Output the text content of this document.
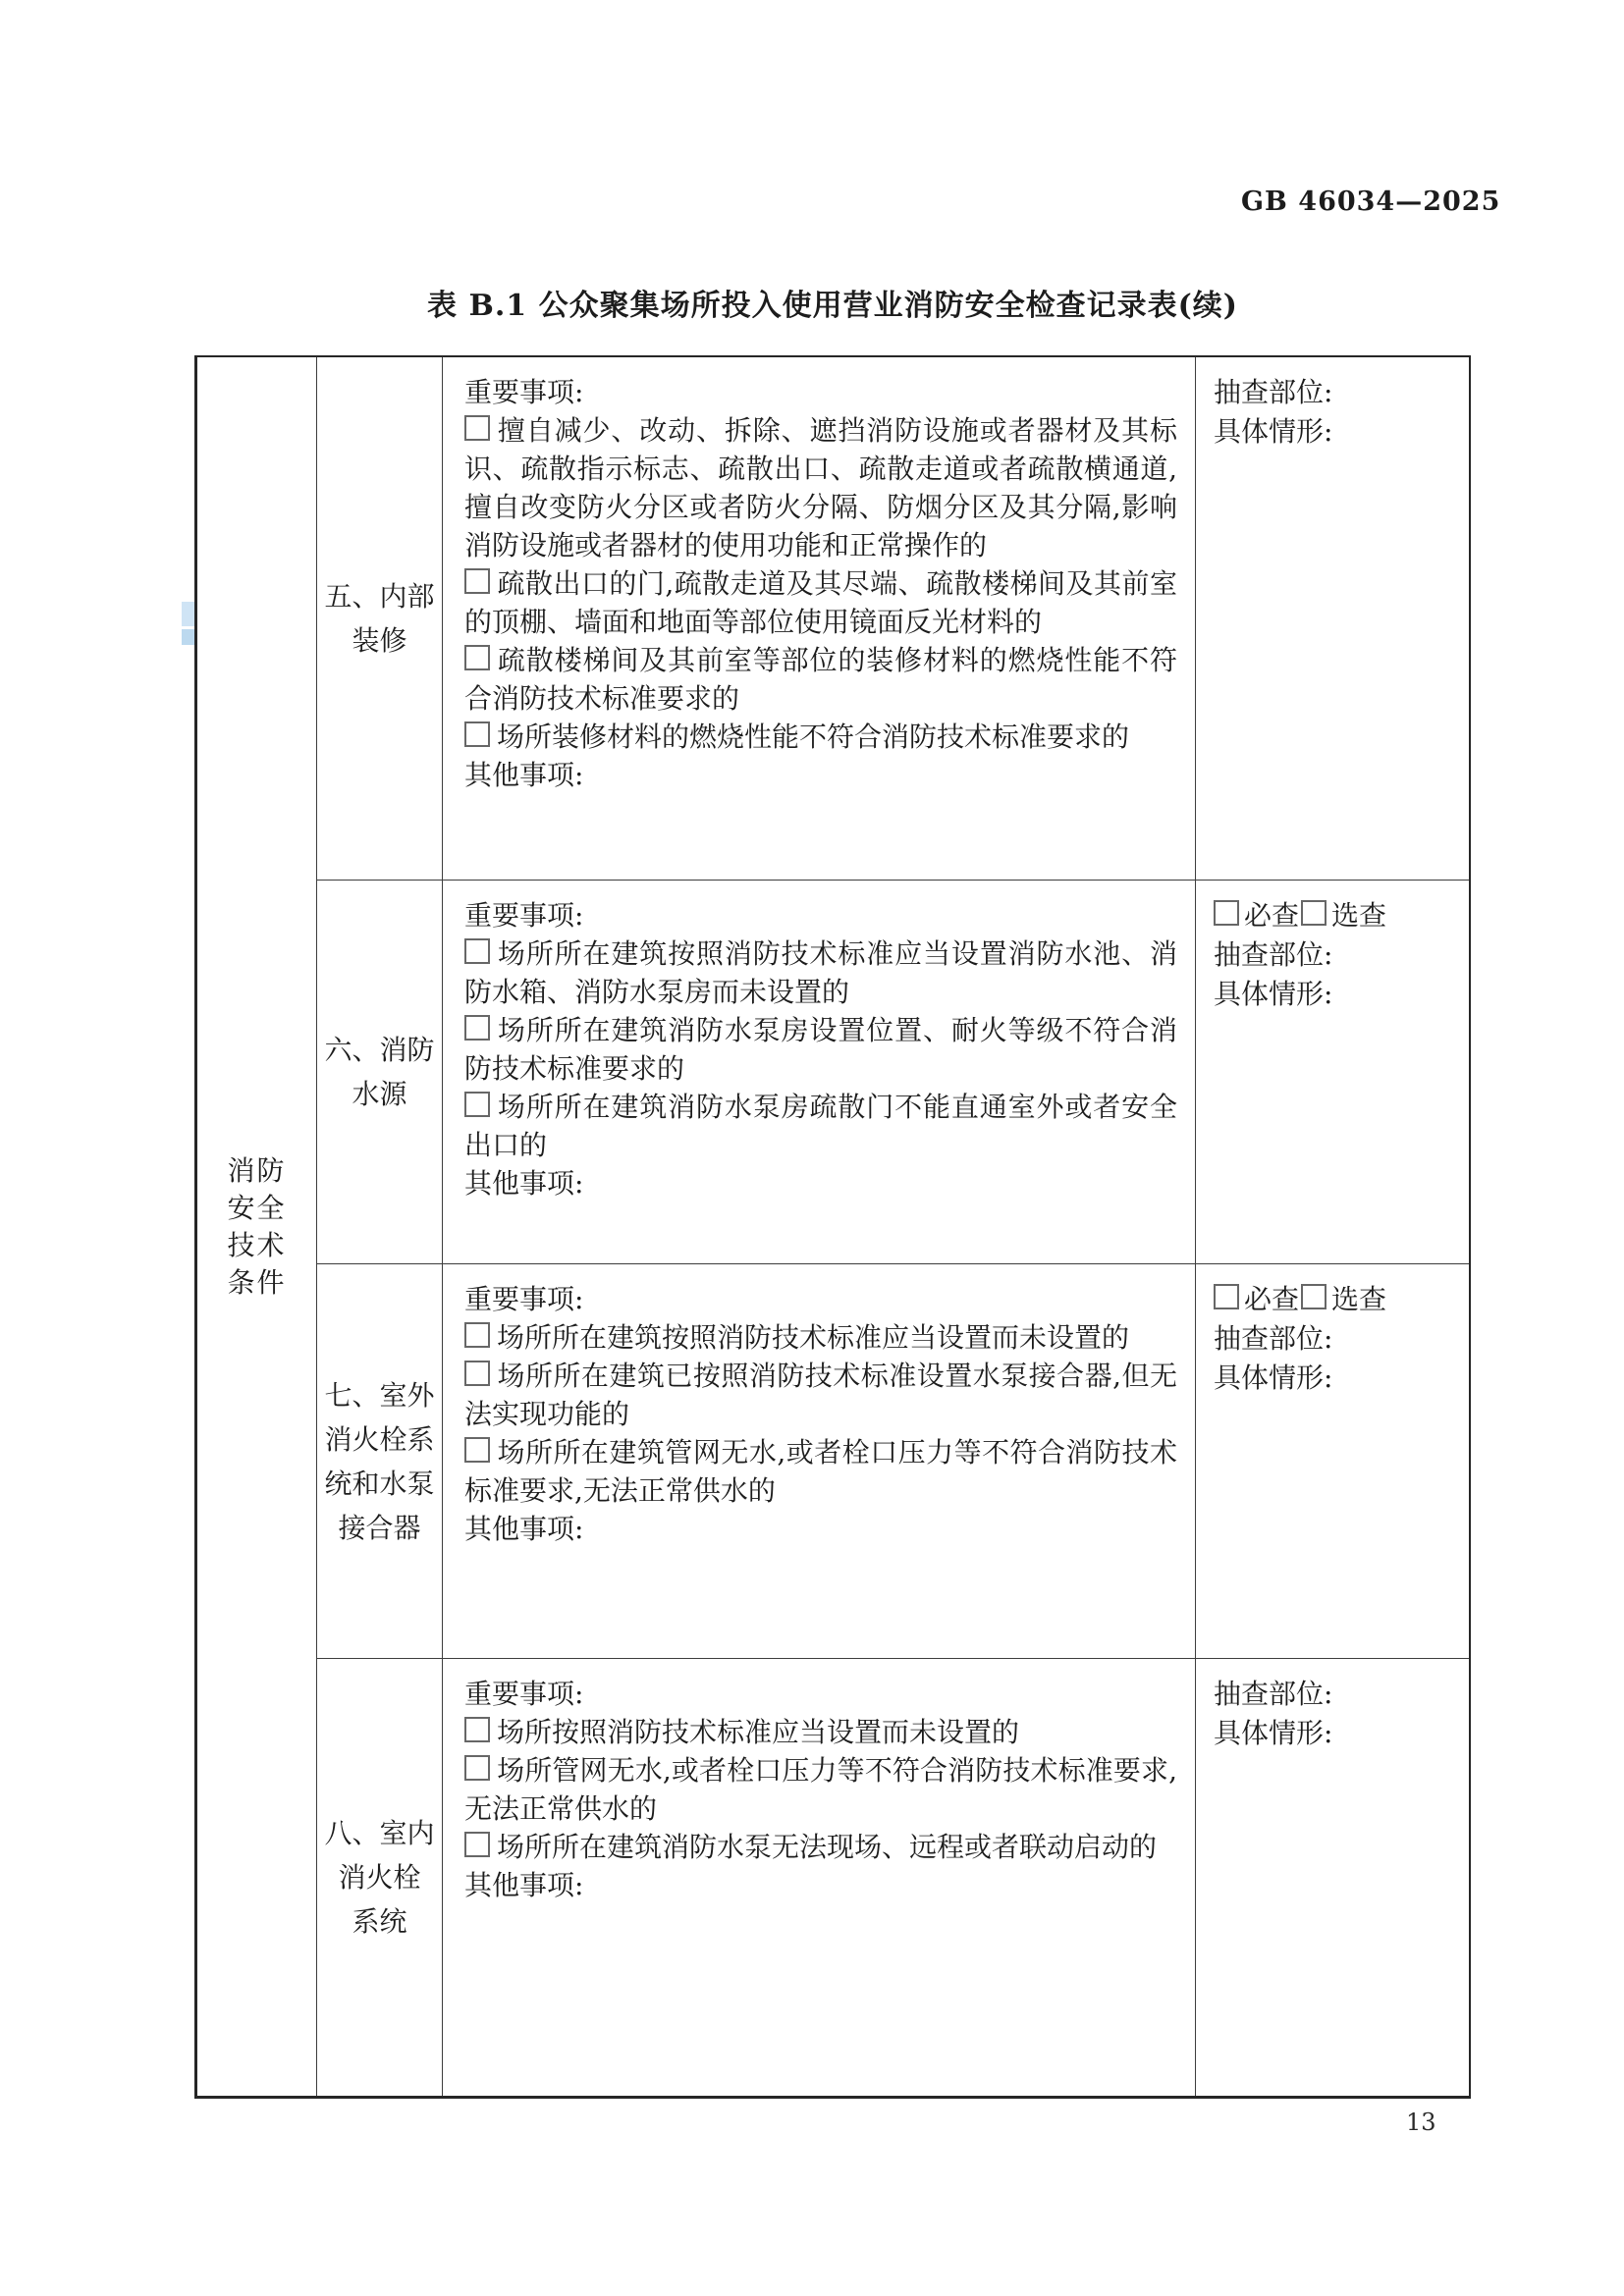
GB 46034—2025
表 B.1 公众聚集场所投入使用营业消防安全检查记录表(续)
消防
安全
技术
条件
五、内部
装修
重要事项:
擅自减少、改动、拆除、遮挡消防设施或者器材及其标识、疏散指示标志、疏散出口、疏散走道或者疏散横通道,擅自改变防火分区或者防火分隔、防烟分区及其分隔,影响消防设施或者器材的使用功能和正常操作的
疏散出口的门,疏散走道及其尽端、疏散楼梯间及其前室的顶棚、墙面和地面等部位使用镜面反光材料的
疏散楼梯间及其前室等部位的装修材料的燃烧性能不符合消防技术标准要求的
场所装修材料的燃烧性能不符合消防技术标准要求的
其他事项:
抽查部位:
具体情形:
六、消防
水源
重要事项:
场所所在建筑按照消防技术标准应当设置消防水池、消防水箱、消防水泵房而未设置的
场所所在建筑消防水泵房设置位置、耐火等级不符合消防技术标准要求的
场所所在建筑消防水泵房疏散门不能直通室外或者安全出口的
其他事项:
必查 选查
抽查部位:
具体情形:
七、室外
消火栓系
统和水泵
接合器
重要事项:
场所所在建筑按照消防技术标准应当设置而未设置的
场所所在建筑已按照消防技术标准设置水泵接合器,但无法实现功能的
场所所在建筑管网无水,或者栓口压力等不符合消防技术标准要求,无法正常供水的
其他事项:
必查 选查
抽查部位:
具体情形:
八、室内
消火栓
系统
重要事项:
场所按照消防技术标准应当设置而未设置的
场所管网无水,或者栓口压力等不符合消防技术标准要求,无法正常供水的
场所所在建筑消防水泵无法现场、远程或者联动启动的
其他事项:
抽查部位:
具体情形:
13
